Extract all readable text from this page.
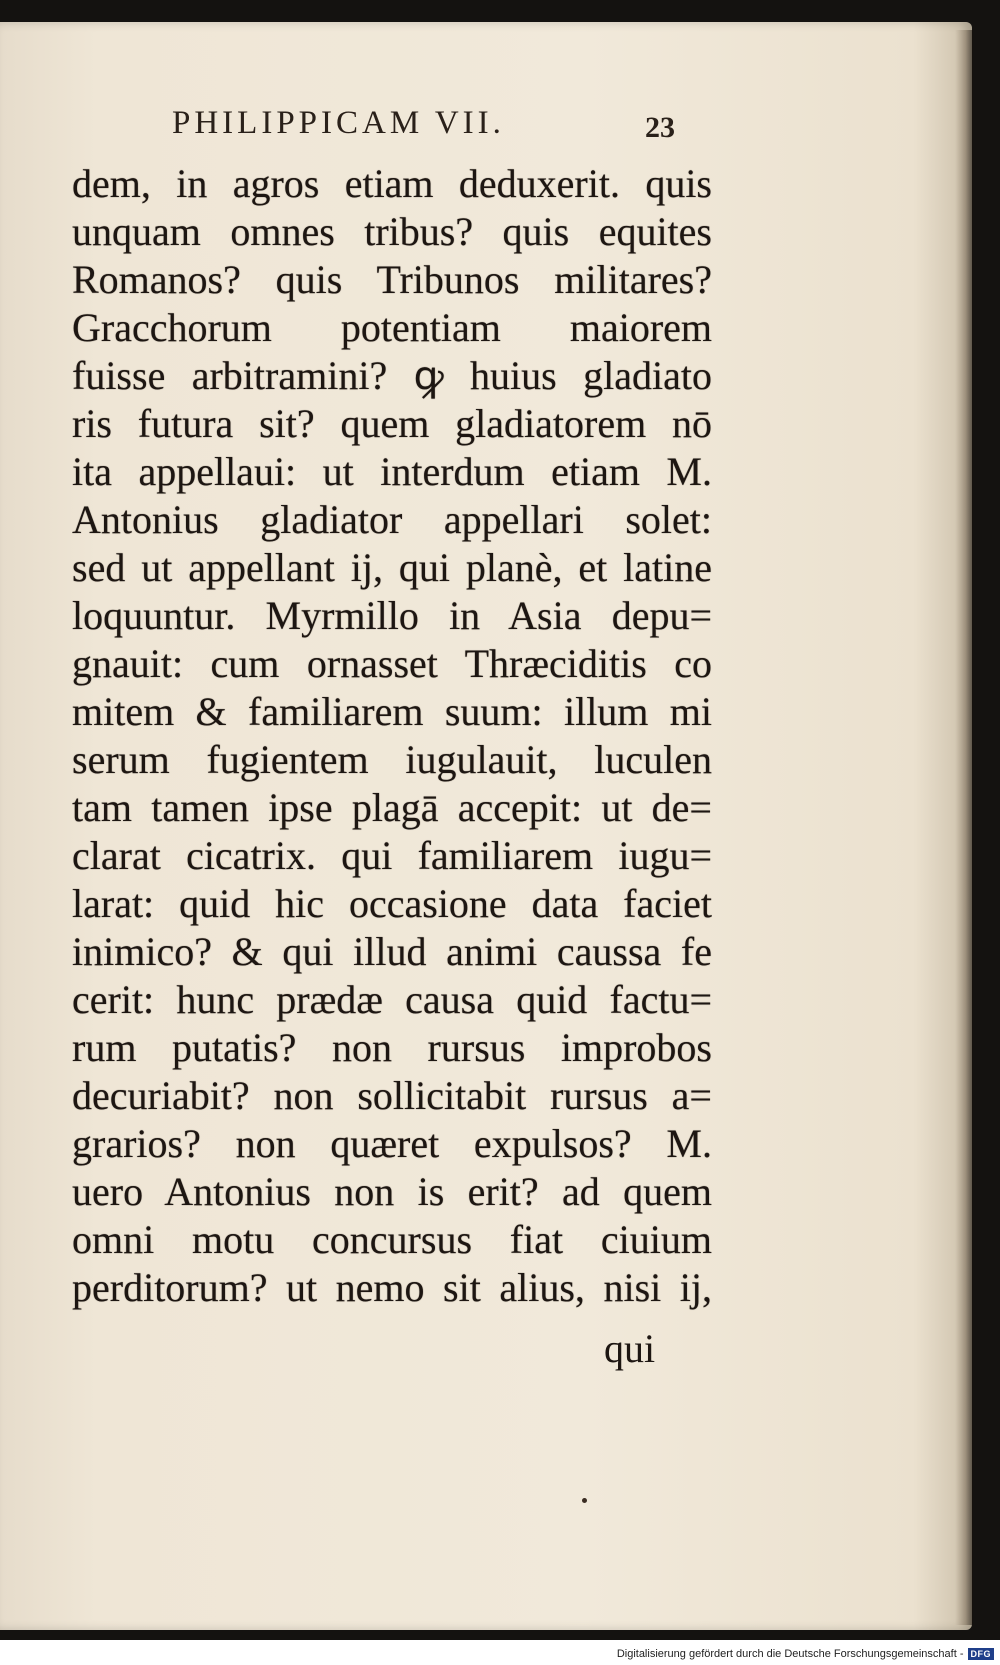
PHILIPPICAM VII.	23
dem, in agros etiam deduxerit. quis
unquam omnes tribus? quis equites
Romanos? quis Tribunos militares?
Gracchorum potentiam maiorem
fuisse arbitramini? ꝙ huius gladiato
ris futura sit? quem gladiatorem nō
ita appellaui: ut interdum etiam M.
Antonius gladiator appellari solet:
sed ut appellant ij, qui planè, et latine
loquuntur. Myrmillo in Asia depu=
gnauit: cum ornasset Thræciditis co
mitem & familiarem suum: illum mi
serum fugientem iugulauit, luculen
tam tamen ipse plagā accepit: ut de=
clarat cicatrix. qui familiarem iugu=
larat: quid hic occasione data faciet
inimico? & qui illud animi caussa fe
cerit: hunc prædæ causa quid factu=
rum putatis? non rursus improbos
decuriabit? non sollicitabit rursus a=
grarios? non quæret expulsos? M.
uero Antonius non is erit? ad quem
omni motu concursus fiat ciuium
perditorum? ut nemo sit alius, nisi ij,
qui
Digitalisierung gefördert durch die Deutsche Forschungsgemeinschaft - DFG
